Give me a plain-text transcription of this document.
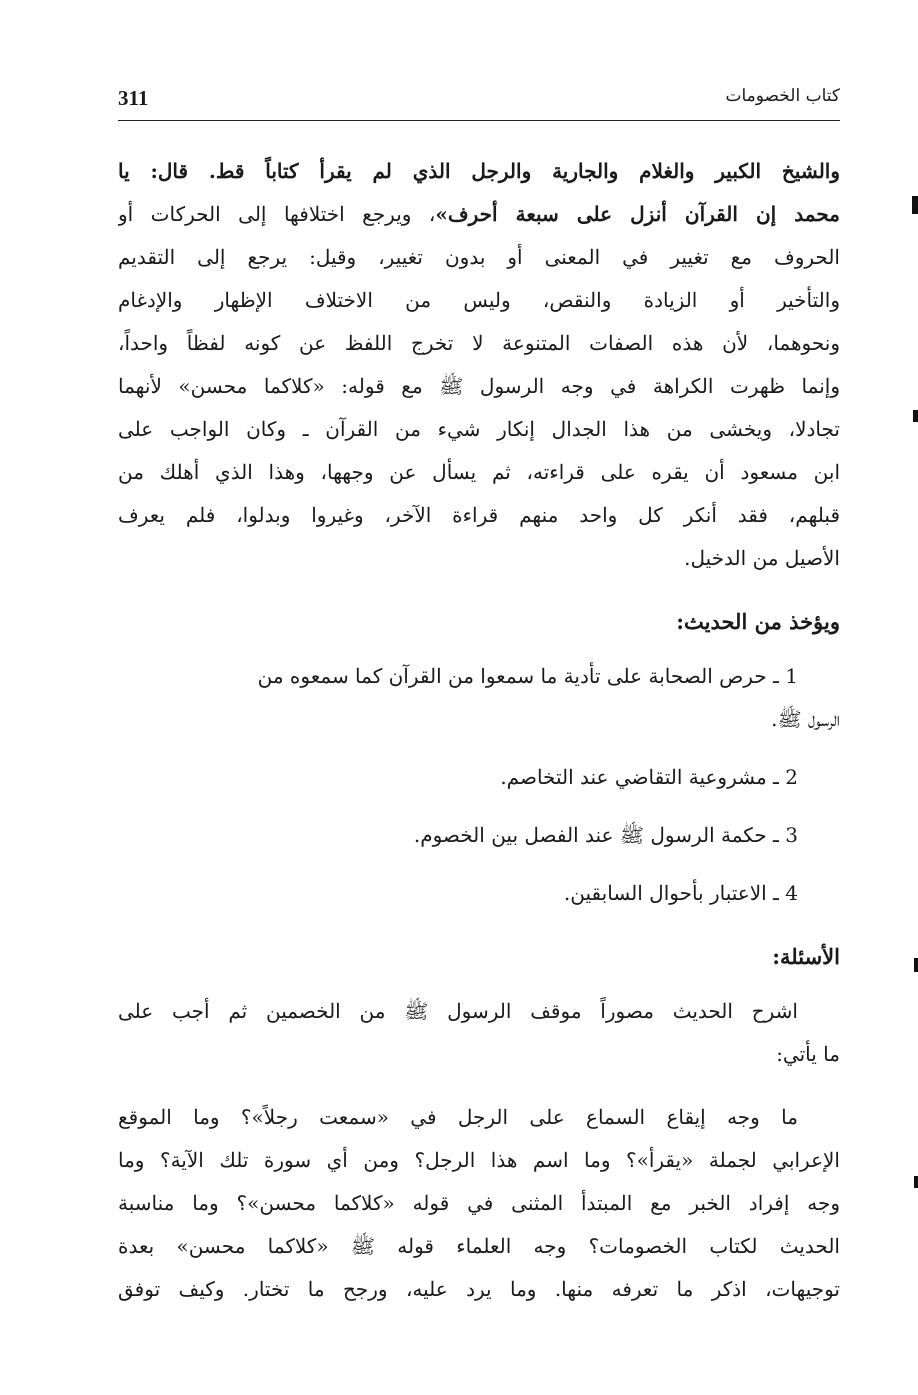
311	كتاب الخصومات
والشيخ الكبير والغلام والجارية والرجل الذي لم يقرأ كتاباً قط. قال: يا
محمد إن القرآن أنزل على سبعة أحرف»، ويرجع اختلافها إلى الحركات أو
الحروف مع تغيير في المعنى أو بدون تغيير، وقيل: يرجع إلى التقديم
والتأخير أو الزيادة والنقص، وليس من الاختلاف الإظهار والإدغام
ونحوهما، لأن هذه الصفات المتنوعة لا تخرج اللفظ عن كونه لفظاً واحداً،
وإنما ظهرت الكراهة في وجه الرسول ﷺ مع قوله: «كلاكما محسن» لأنهما
تجادلا، ويخشى من هذا الجدال إنكار شيء من القرآن ـ وكان الواجب على
ابن مسعود أن يقره على قراءته، ثم يسأل عن وجهها، وهذا الذي أهلك من
قبلهم، فقد أنكر كل واحد منهم قراءة الآخر، وغيروا وبدلوا، فلم يعرف
الأصيل من الدخيل.
ويؤخذ من الحديث:
1 ـ حرص الصحابة على تأدية ما سمعوا من القرآن كما سمعوه من
الرسول ﷺ.
2 ـ مشروعية التقاضي عند التخاصم.
3 ـ حكمة الرسول ﷺ عند الفصل بين الخصوم.
4 ـ الاعتبار بأحوال السابقين.
الأسئلة:
اشرح الحديث مصوراً موقف الرسول ﷺ من الخصمين ثم أجب على
ما يأتي:
ما وجه إيقاع السماع على الرجل في «سمعت رجلاً»؟ وما الموقع
الإعرابي لجملة «يقرأ»؟ وما اسم هذا الرجل؟ ومن أي سورة تلك الآية؟ وما
وجه إفراد الخبر مع المبتدأ المثنى في قوله «كلاكما محسن»؟ وما مناسبة
الحديث لكتاب الخصومات؟ وجه العلماء قوله ﷺ «كلاكما محسن» بعدة
توجيهات، اذكر ما تعرفه منها. وما يرد عليه، ورجح ما تختار. وكيف توفق
